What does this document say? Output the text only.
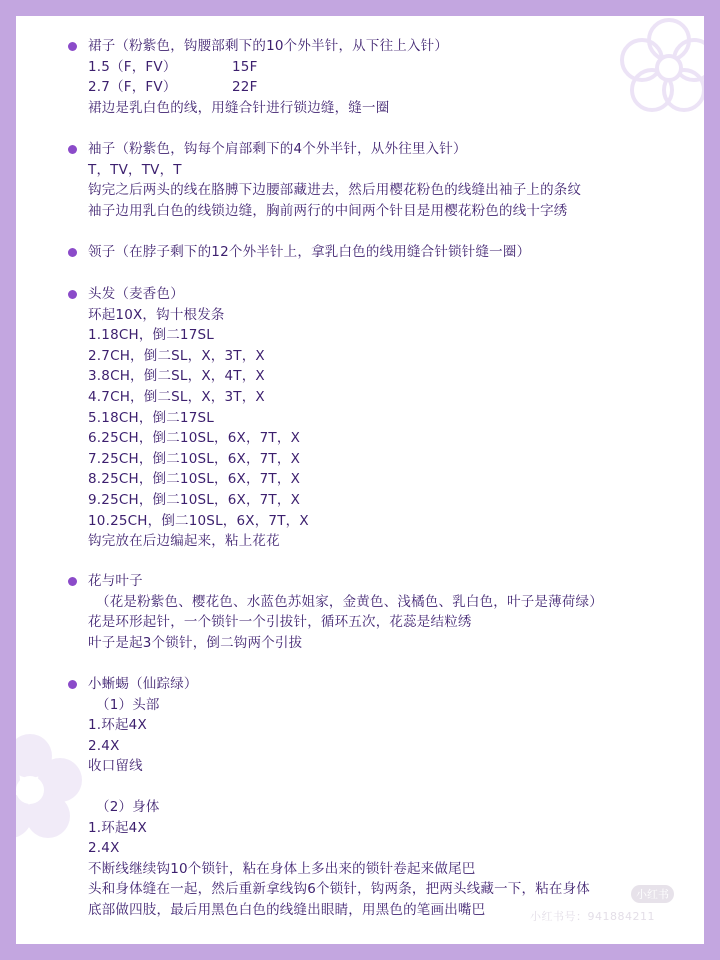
裙子（粉紫色，钩腰部剩下的10个外半针，从下往上入针）
1.5（F，FV）	15F
2.7（F，FV）	22F
裙边是乳白色的线，用缝合针进行锁边缝，缝一圈
袖子（粉紫色，钩每个肩部剩下的4个外半针，从外往里入针）
T，TV，TV，T
钩完之后两头的线在胳膊下边腰部藏进去，然后用樱花粉色的线缝出袖子上的条纹
袖子边用乳白色的线锁边缝，胸前两行的中间两个针目是用樱花粉色的线十字绣
领子（在脖子剩下的12个外半针上，拿乳白色的线用缝合针锁针缝一圈）
头发（麦香色）
环起10X，钩十根发条
1.18CH，倒二17SL
2.7CH，倒二SL，X，3T，X
3.8CH，倒二SL，X，4T，X
4.7CH，倒二SL，X，3T，X
5.18CH，倒二17SL
6.25CH，倒二10SL，6X，7T，X
7.25CH，倒二10SL，6X，7T，X
8.25CH，倒二10SL，6X，7T，X
9.25CH，倒二10SL，6X，7T，X
10.25CH，倒二10SL，6X，7T，X
钩完放在后边编起来，粘上花花
花与叶子
（花是粉紫色、樱花色、水蓝色苏姐家，金黄色、浅橘色、乳白色，叶子是薄荷绿）
花是环形起针，一个锁针一个引拔针，循环五次，花蕊是结粒绣
叶子是起3个锁针，倒二钩两个引拔
小蜥蜴（仙踪绿）
（1）头部
1.环起4X
2.4X
收口留线
（2）身体
1.环起4X
2.4X
不断线继续钩10个锁针，粘在身体上多出来的锁针卷起来做尾巴
头和身体缝在一起，然后重新拿线钩6个锁针，钩两条，把两头线藏一下，粘在身体
底部做四肢，最后用黑色白色的线缝出眼睛，用黑色的笔画出嘴巴
小红书
小红书号：941884211
